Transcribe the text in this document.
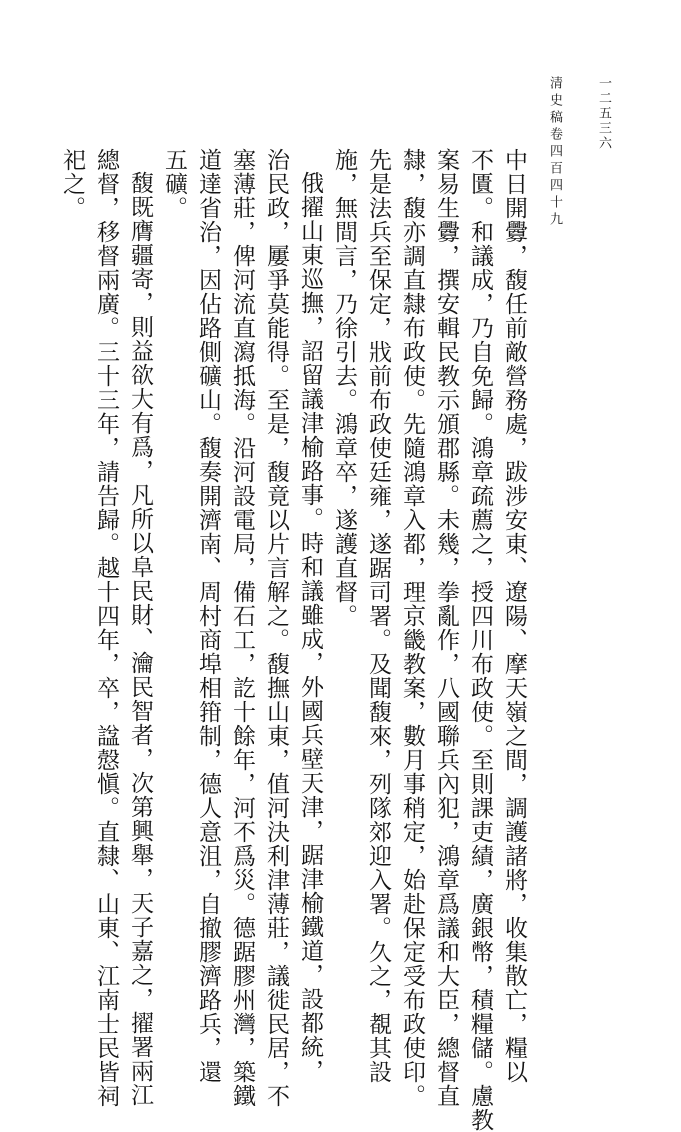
清史稿卷四百四十九	一二五三六
中日開釁，馥任前敵營務處，跋涉安東、遼陽、摩天嶺之間，調護諸將，收集散亡，糧以
不匱。和議成，乃自免歸。鴻章疏薦之，授四川布政使。至則課吏績，廣銀幣，積糧儲。慮教
案易生釁，撰安輯民教示頒郡縣。未幾，拳亂作，八國聯兵內犯，鴻章爲議和大臣，總督直
隸，馥亦調直隸布政使。先隨鴻章入都，理京畿教案，數月事稍定，始赴保定受布政使印。
先是法兵至保定，戕前布政使廷雍，遂踞司署。及聞馥來，列隊郊迎入署。久之，覩其設
施，無間言，乃徐引去。鴻章卒，遂護直督。
俄擢山東巡撫，詔留議津榆路事。時和議雖成，外國兵壁天津，踞津榆鐵道，設都統，
治民政，屢爭莫能得。至是，馥竟以片言解之。馥撫山東，值河決利津薄莊，議徙民居，不
塞薄莊，俾河流直瀉抵海。沿河設電局，備石工，訖十餘年，河不爲災。德踞膠州灣，築鐵
道達省治，因佔路側礦山。馥奏開濟南、周村商埠相箝制，德人意沮，自撤膠濟路兵，還
五礦。
馥既膺疆寄，則益欲大有爲，凡所以阜民財、瀹民智者，次第興舉，天子嘉之，擢署兩江
總督，移督兩廣。三十三年，請告歸。越十四年，卒，諡慤愼。直隸、山東、江南士民皆祠
祀之。
